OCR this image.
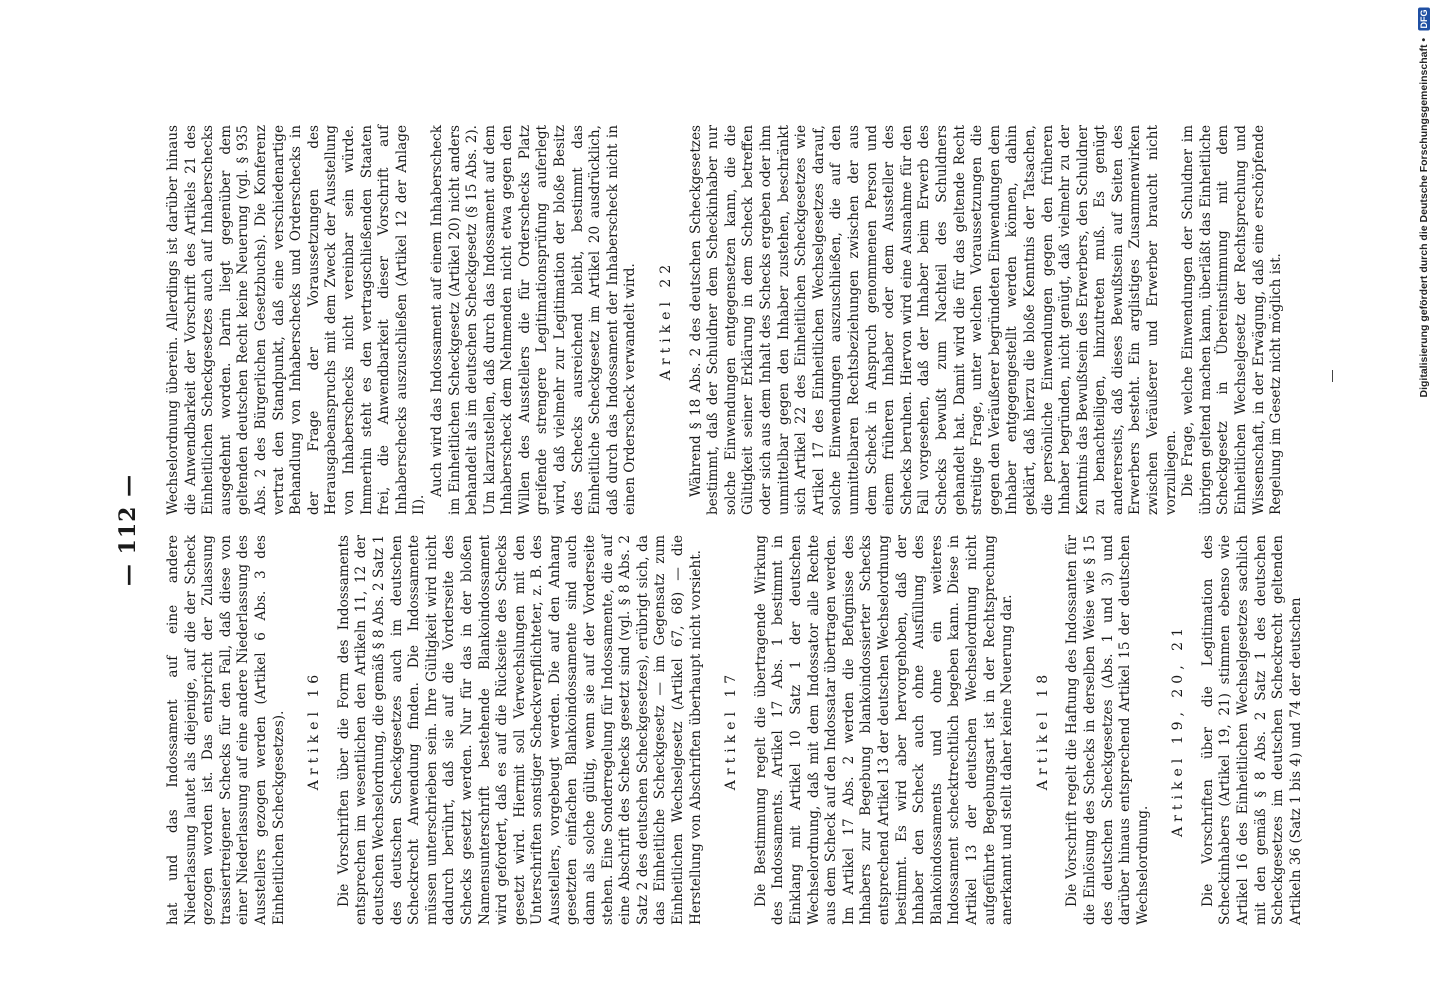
Digitalisierung gefördert durch die Deutsche Forschungsgemeinschaft • DFG
— 112 —

hat und das Indossament auf eine andere Niederlassung lautet als diejenige, auf die der Scheck gezogen worden ist. Das entspricht der Zulassung trassiertreigener Schecks für den Fall, daß diese von einer Niederlassung auf eine andere Niederlassung des Ausstellers gezogen werden (Artikel 6 Abs. 3 des Einheitlichen Scheckgesetzes). Artikel 16 Die Vorschriften über die Form des Indossaments entsprechen im wesentlichen den Artikeln 11, 12 der deutschen Wechselordnung, die gemäß § 8 Abs. 2 Satz 1 des deutschen Scheckgesetzes auch im deutschen Scheckrecht Anwendung finden. Die Indossamente müssen unterschrieben sein. Ihre Gültigkeit wird nicht dadurch berührt, daß sie auf die Vorderseite des Schecks gesetzt werden. Nur für das in der bloßen Namensunterschrift bestehende Blankoindossament wird gefordert, daß es auf die Rückseite des Schecks gesetzt wird. Hiermit soll Verwechslungen mit den Unterschriften sonstiger Scheckverpflichteter, z. B. des Ausstellers, vorgebeugt werden. Die auf den Anhang gesetzten einfachen Blankoindossamente sind auch dann als solche gültig, wenn sie auf der Vorderseite stehen. Eine Sonderregelung für Indossamente, die auf eine Abschrift des Schecks gesetzt sind (vgl. § 8 Abs. 2 Satz 2 des deutschen Scheckgesetzes), erübrigt sich, da das Einheitliche Scheckgesetz — im Gegensatz zum Einheitlichen Wechselgesetz (Artikel 67, 68) — die Herstellung von Abschriften überhaupt nicht vorsieht. Artikel 17 Die Bestimmung regelt die übertragende Wirkung des Indossaments. Artikel 17 Abs. 1 bestimmt in Einklang mit Artikel 10 Satz 1 der deutschen Wechselordnung, daß mit dem Indossator alle Rechte aus dem Scheck auf den Indossatar übertragen werden. Im Artikel 17 Abs. 2 werden die Befugnisse des Inhabers zur Begebung blankoindossierter Schecks entsprechend Artikel 13 der deutschen Wechselordnung bestimmt. Es wird aber hervorgehoben, daß der Inhaber den Scheck auch ohne Ausfüllung des Blankoindossaments und ohne ein weiteres Indossament schecktrechtlich begeben kann. Diese in Artikel 13 der deutschen Wechselordnung nicht aufgeführte Begebungsart ist in der Rechtsprechung anerkannt und stellt daher keine Neuerung dar. Artikel 18 Die Vorschrift regelt die Haftung des Indossanten für die Einlösung des Schecks in derselben Weise wie § 15 des deutschen Scheckgesetzes (Abs. 1 und 3) und darüber hinaus entsprechend Artikel 15 der deutschen Wechselordnung.

Artikel 19, 20, 21 Die Vorschriften über die Legitimation des Scheckinhabers (Artikel 19, 21) stimmen ebenso wie Artikel 16 des Einheitlichen Wechselgesetzes sachlich mit den gemäß § 8 Abs. 2 Satz 1 des deutschen Scheckgesetzes im deutschen Scheckrecht geltenden Artikeln 36 (Satz 1 bis 4) und 74 der deutschen

Wechselordnung überein. Allerdings ist darüber hinaus die Anwendbarkeit der Vorschrift des Artikels 21 des Einheitlichen Scheckgesetzes auch auf Inhaberschecks ausgedehnt worden. Darin liegt gegenüber dem geltenden deutschen Recht keine Neuerung (vgl. § 935 Abs. 2 des Bürgerlichen Gesetzbuchs). Die Konferenz vertrat den Standpunkt, daß eine verschiedenartige Behandlung von Inhaberschecks und Orderschecks in der Frage der Voraussetzungen des Herausgabeanspruchs mit dem Zweck der Ausstellung von Inhaberschecks nicht vereinbar sein würde. Immerhin steht es den vertragschließenden Staaten frei, die Anwendbarkeit dieser Vorschrift auf Inhaberschecks auszuschließen (Artikel 12 der Anlage II).

Auch wird das Indossament auf einem Inhaberscheck im Einheitlichen Scheckgesetz (Artikel 20) nicht anders behandelt als im deutschen Scheckgesetz (§ 15 Abs. 2). Um klarzustellen, daß durch das Indossament auf dem Inhaberscheck dem Nehmenden nicht etwa gegen den Willen des Ausstellers die für Orderschecks Platz greifende strengere Legitimationsprüfung auferlegt wird, daß vielmehr zur Legitimation der bloße Besitz des Schecks ausreichend bleibt, bestimmt das Einheitliche Scheckgesetz im Artikel 20 ausdrücklich, daß durch das Indossament der Inhaberscheck nicht in einen Orderscheck verwandelt wird. Artikel 22 Während § 18 Abs. 2 des deutschen Scheckgesetzes bestimmt, daß der Schuldner dem Scheckinhaber nur solche Einwendungen entgegensetzen kann, die die Gültigkeit seiner Erklärung in dem Scheck betreffen oder sich aus dem Inhalt des Schecks ergeben oder ihm unmittelbar gegen den Inhaber zustehen, beschränkt sich Artikel 22 des Einheitlichen Scheckgesetzes wie Artikel 17 des Einheitlichen Wechselgesetzes darauf, solche Einwendungen auszuschließen, die auf den unmittelbaren Rechtsbeziehungen zwischen der aus dem Scheck in Anspruch genommenen Person und einem früheren Inhaber oder dem Aussteller des Schecks beruhen. Hiervon wird eine Ausnahme für den Fall vorgesehen, daß der Inhaber beim Erwerb des Schecks bewußt zum Nachteil des Schuldners gehandelt hat. Damit wird die für das geltende Recht streitige Frage, unter welchen Voraussetzungen die gegen den Veräußerer begründeten Einwendungen dem Inhaber entgegengestellt werden können, dahin geklärt, daß hierzu die bloße Kenntnis der Tatsachen, die persönliche Einwendungen gegen den früheren Inhaber begründen, nicht genügt, daß vielmehr zu der Kenntnis das Bewußtsein des Erwerbers, den Schuldner zu benachteiligen, hinzutreten muß. Es genügt andererseits, daß dieses Bewußtsein auf Seiten des Erwerbers besteht. Ein arglistiges Zusammenwirken zwischen Veräußerer und Erwerber braucht nicht vorzuliegen. Die Frage, welche Einwendungen der Schuldner im übrigen geltend machen kann, überläßt das Einheitliche Scheckgesetz in Übereinstimmung mit dem Einheitlichen Wechselgesetz der Rechtsprechung und Wissenschaft, in der Erwägung, daß eine erschöpfende Regelung im Gesetz nicht möglich ist.
